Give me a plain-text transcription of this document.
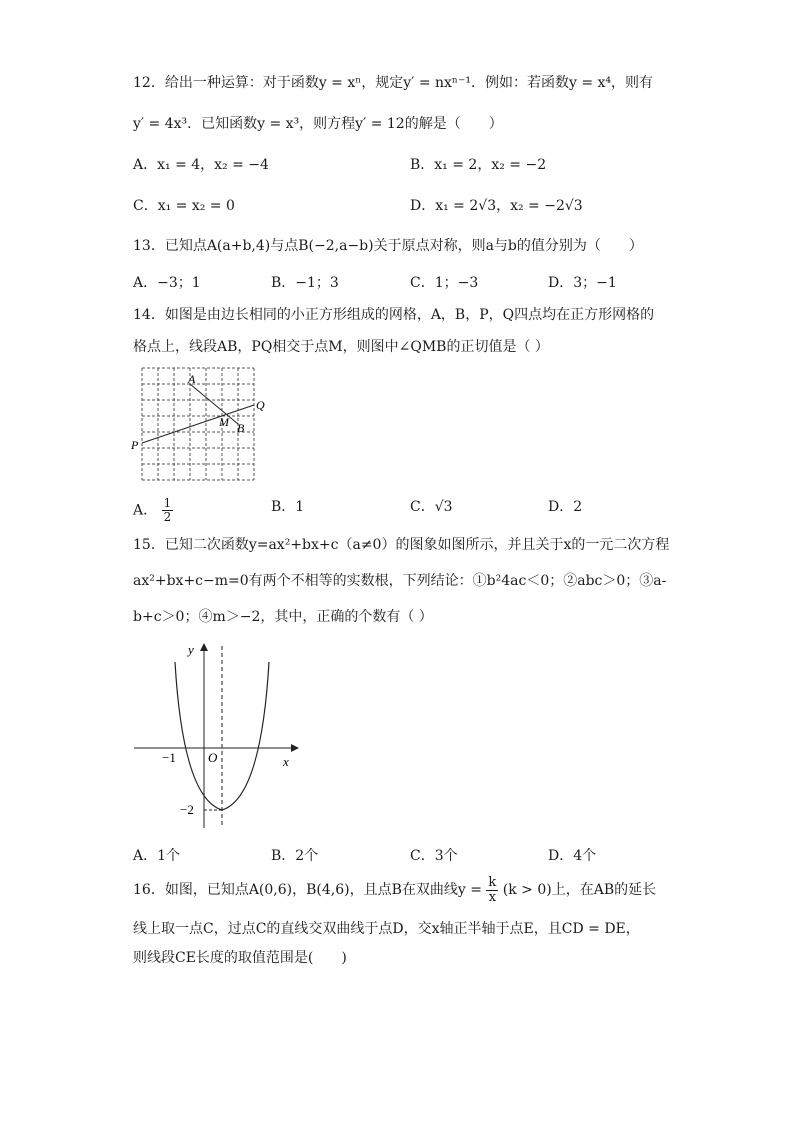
12．给出一种运算：对于函数y = xⁿ，规定y′ = nxⁿ⁻¹．例如：若函数y = x⁴，则有
y′ = 4x³．已知函数y = x³，则方程y′ = 12的解是（　　）
A．x₁ = 4，x₂ = −4	B．x₁ = 2，x₂ = −2
C．x₁ = x₂ = 0	D．x₁ = 2√3，x₂ = −2√3
13．已知点A(a+b,4)与点B(−2,a−b)关于原点对称，则a与b的值分别为（　　）
A．−3；1	B．−1；3	C．1；−3	D．3；−1
14．如图是由边长相同的小正方形组成的网格，A，B，P，Q四点均在正方形网格的
格点上，线段AB，PQ相交于点M，则图中∠QMB的正切值是（ ）
A
Q
M B
P
A． $\frac{1}{2}$	B．1	C．√3	D．2
15．已知二次函数y=ax²+bx+c（a≠0）的图象如图所示，并且关于x的一元二次方程
ax²+bx+c−m=0有两个不相等的实数根，下列结论：①b²4ac＜0；②abc＞0；③a-
b+c＞0；④m＞−2，其中，正确的个数有（ ）
y
x
O
−1
−2
A．1个	B．2个	C．3个	D．4个
16．如图，已知点A(0,6)，B(4,6)，且点B在双曲线$y = \frac{k}{x} (k > 0)$上，在AB的延长
线上取一点C，过点C的直线交双曲线于点D，交x轴正半轴于点E，且CD = DE，
则线段CE长度的取值范围是(　　)
